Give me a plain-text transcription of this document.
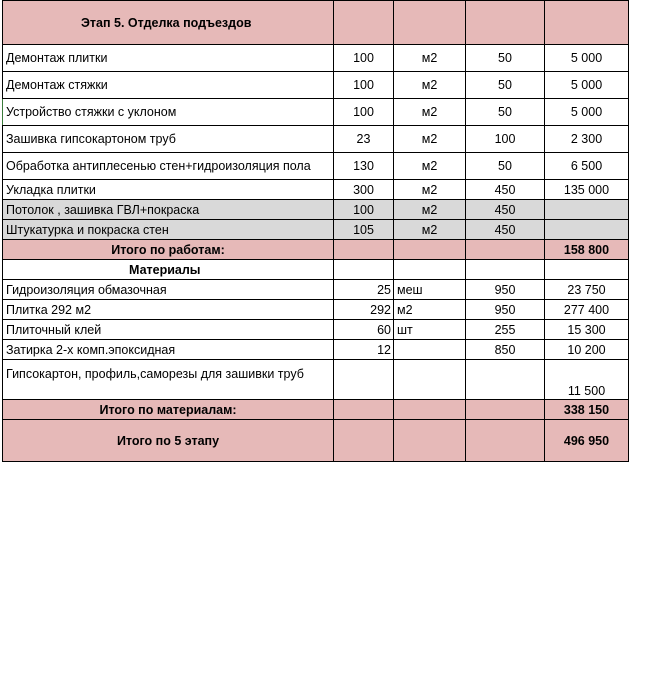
Этап 5. Отделка подъездов				
Демонтаж плитки	100	м2	50	5 000
Демонтаж стяжки	100	м2	50	5 000
Устройство стяжки с уклоном	100	м2	50	5 000
Зашивка гипсокартоном труб	23	м2	100	2 300
Обработка антиплесенью стен+гидроизоляция пола	130	м2	50	6 500
Укладка плитки	300	м2	450	135 000
Потолок , зашивка ГВЛ+покраска	100	м2	450	
Штукатурка и покраска стен	105	м2	450	
Итого по работам:				158 800
Материалы				
Гидроизоляция обмазочная	25	меш	950	23 750
Плитка 292 м2	292	м2	950	277 400
Плиточный клей	60	шт	255	15 300
Затирка 2-х комп.эпоксидная	12		850	10 200
Гипсокартон, профиль,саморезы для зашивки труб				11 500
Итого по материалам:				338 150
Итого по 5 этапу				496 950
